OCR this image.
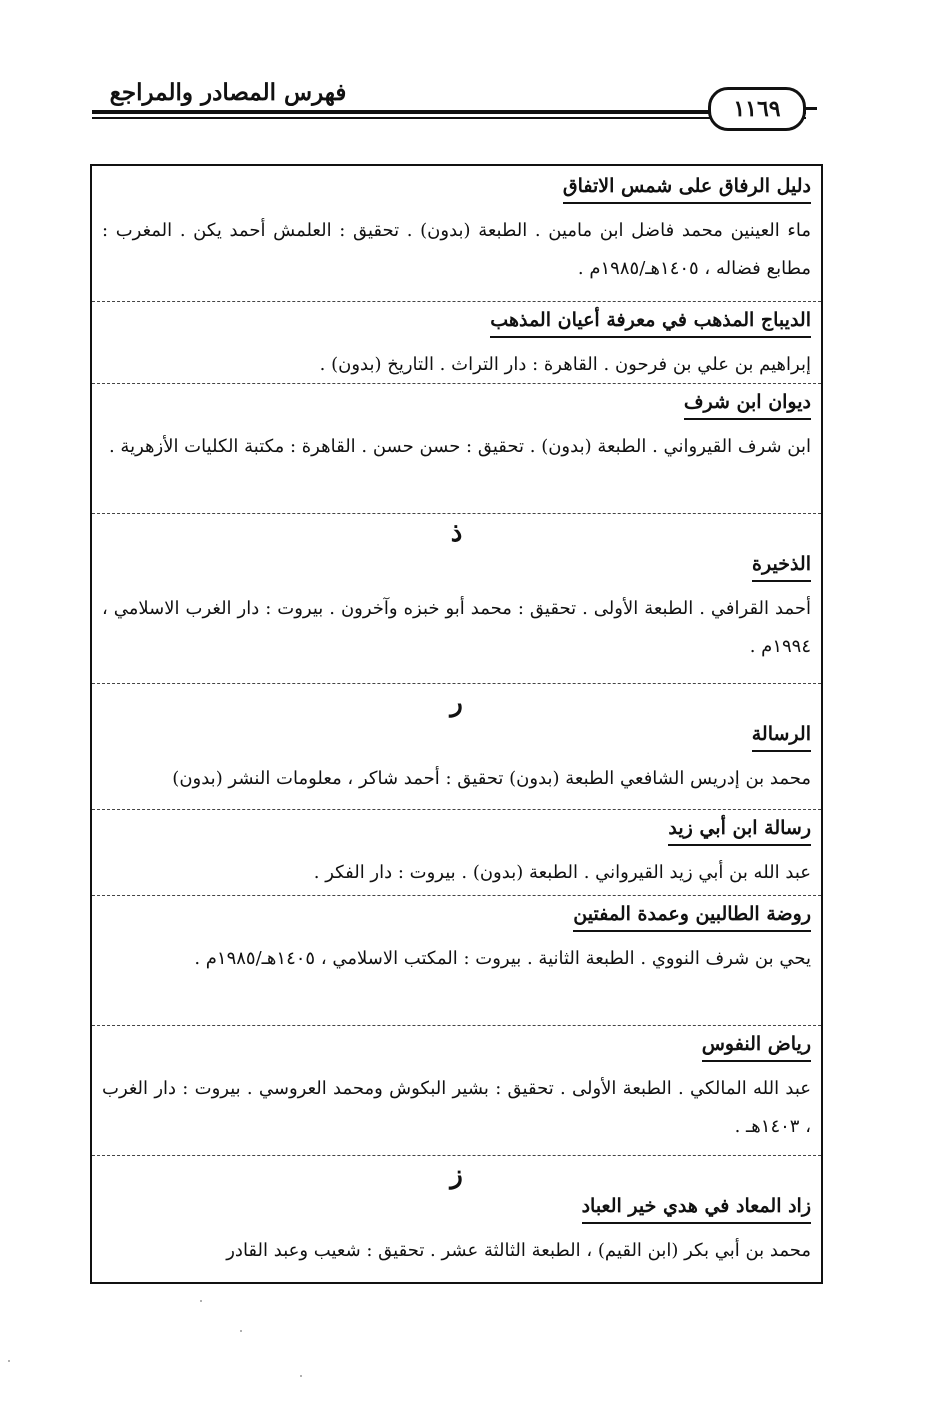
فهرس المصادر والمراجع
١١٦٩
دليل الرفاق على شمس الاتفاق
ماء العينين محمد فاضل ابن مامين . الطبعة (بدون) . تحقيق : العلمش أحمد يكن . المغرب : مطابع فضاله ، ١٤٠٥هـ/١٩٨٥م .
الديباج المذهب في معرفة أعيان المذهب
إبراهيم بن علي بن فرحون . القاهرة : دار التراث . التاريخ (بدون) .
ديوان ابن شرف
ابن شرف القيرواني . الطبعة (بدون) . تحقيق : حسن حسن . القاهرة : مكتبة الكليات الأزهرية .
ذ
الذخيرة
أحمد القرافي . الطبعة الأولى . تحقيق : محمد أبو خبزه وآخرون . بيروت : دار الغرب الاسلامي ، ١٩٩٤م .
ر
الرسالة
محمد بن إدريس الشافعي الطبعة (بدون) تحقيق : أحمد شاكر ، معلومات النشر (بدون)
رسالة ابن أبي زيد
عبد الله بن أبي زيد القيرواني . الطبعة (بدون) . بيروت : دار الفكر .
روضة الطالبين وعمدة المفتين
يحي بن شرف النووي . الطبعة الثانية . بيروت : المكتب الاسلامي ، ١٤٠٥هـ/١٩٨٥م .
رياض النفوس
عبد الله المالكي . الطبعة الأولى . تحقيق : بشير البكوش ومحمد العروسي . بيروت : دار الغرب ، ١٤٠٣هـ .
ز
زاد المعاد في هدي خير العباد
محمد بن أبي بكر (ابن القيم) ، الطبعة الثالثة عشر . تحقيق : شعيب وعبد القادر
